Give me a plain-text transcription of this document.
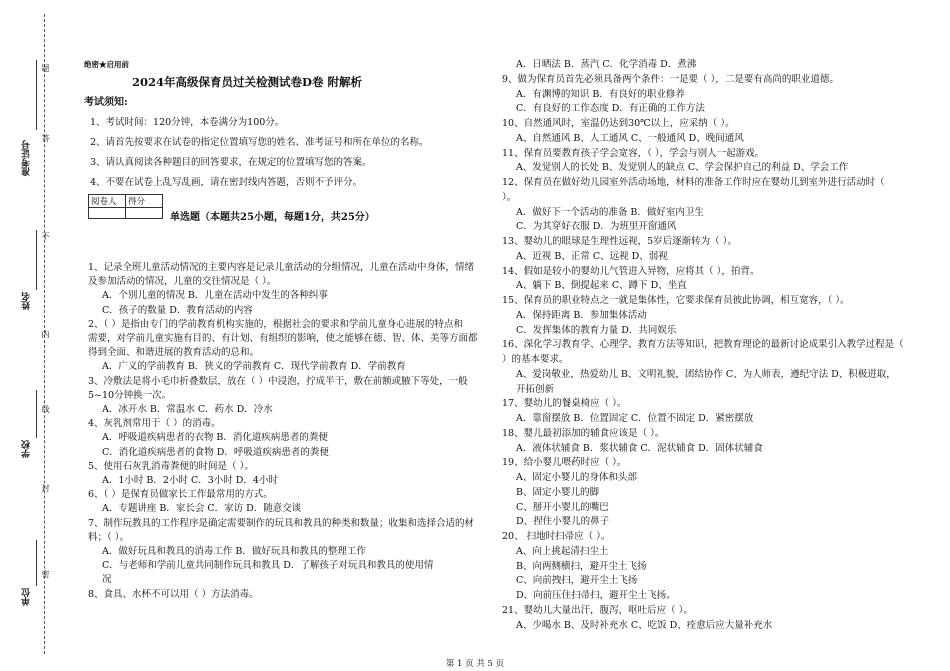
题
答
不
内
线
封
密
准考证号
姓名
学校
单位
绝密★启用前
2024年高级保育员过关检测试卷D卷 附解析
考试须知:
1、考试时间：120分钟，本卷满分为100分。
2、请首先按要求在试卷的指定位置填写您的姓名、准考证号和所在单位的名称。
3、请认真阅读各种题目的回答要求，在规定的位置填写您的答案。
4、不要在试卷上乱写乱画，请在密封线内答题，否则不予评分。
阅卷人	得分

单选题（本题共25小题，每题1分，共25分）
1、记录全班儿童活动情况的主要内容是记录儿童活动的分组情况，儿童在活动中身体，情绪
及参加活动的情况，儿童的交往情况是（ ）。
A．个别儿童的情况 B．儿童在活动中发生的各种纠事
C．孩子的数量 D．教育活动的内容
2、（ ）是指由专门的学前教育机构实施的，根据社会的要求和学前儿童身心进展的特点和
需要，对学前儿童实施有目的、有计划、有组织的影响，使之能够在德、智、体、美等方面都
得到全面、和谐进展的教育活动的总和。
A．广义的学前教育 B．狭义的学前教育 C．现代学前教育 D．学前教育
3、冷敷法是将小毛巾折叠数层，放在（ ）中浸泡，拧成半干，敷在前额或腋下等处，一般
5~10分钟换一次。
A．冰开水 B．常温水 C．药水 D．冷水
4、灰乳剂常用于（ ）的消毒。
A．呼吸道疾病患者的衣物 B．消化道疾病患者的粪便
C．消化道疾病患者的食物 D．呼吸道疾病患者的粪便
5、使用石灰乳消毒粪便的时间是（ ）。
A．1小时 B．2小时 C．3小时 D．4小时
6、（ ）是保育员做家长工作最常用的方式。
A．专题讲座 B．家长会 C．家访 D．随意交谈
7、制作玩教具的工作程序是确定需要制作的玩具和教具的种类和数量；收集和选择合适的材
料；（ ）。
A．做好玩具和教具的消毒工作 B．做好玩具和教具的整理工作
C．与老师和学前儿童共同制作玩具和教具 D．了解孩子对玩具和教具的使用情
况
8、食具、水杯不可以用（ ）方法消毒。
A．日晒法 B．蒸汽 C．化学消毒 D．煮沸
9、做为保育员首先必须具备两个条件：一是要（ ），二是要有高尚的职业道德。
A．有渊博的知识 B．有良好的职业修养
C．有良好的工作态度 D．有正确的工作方法
10、自然通风时，室温仍达到30℃以上，应采纳（ ）。
A、自然通风 B、人工通风 C、一般通风 D、晚间通风
11、保育员要教育孩子学会宽容，（ ），学会与别人一起游戏。
A、发觉别人的长处 B、发觉别人的缺点 C、学会保护自己的利益 D、学会工作
12、保育员在做好幼儿园室外活动场地，材料的准备工作时应在婴幼儿到室外进行活动时（
）。
A．做好下一个活动的准备 B．做好室内卫生
C．为其穿好衣服 D．为班里开窗通风
13、婴幼儿的眼球是生理性远视，5岁后逐渐转为（ ）。
A、近视 B、正常 C、远视 D、弱视
14、假如是较小的婴幼儿气管进入异物，应将其（ ），拍背。
A、躺下 B、倒提起来 C、蹲下 D、坐直
15、保育员的职业特点之一就是集体性，它要求保育员彼此协调，相互宽容，（ ）。
A．保持距离 B．参加集体活动
C．发挥集体的教育力量 D．共同娱乐
16、深化学习教育学、心理学、教育方法等知识，把教育理论的最新讨论成果引入教学过程是（
）的基本要求。
A、爱岗敬业，热爱幼儿 B、文明礼貌，团结协作 C、为人师表，遵纪守法 D、积极进取，
开拓创新
17、婴幼儿的餐桌椅应（ ）。
A．靠窗摆放 B．位置固定 C．位置不固定 D．紧密摆放
18、婴儿最初添加的辅食应该是（ ）。
A．液体状辅食 B．浆状辅食 C．泥状辅食 D．固体状辅食
19、给小婴儿喂药时应（ ）。
A、固定小婴儿的身体和头部
B、固定小婴儿的脚
C、掰开小婴儿的嘴巴
D、捏住小婴儿的鼻子
20、 扫地时扫帚应（ ）。
A、向上挑起清扫尘土
B、向两侧横扫，避开尘土飞扬
C、向前拽扫，避开尘土飞扬
D、向前压住扫帚扫，避开尘土飞扬。
21、婴幼儿大量出汗，腹泻，呕吐后应（ ）。
A、少喝水 B、及时补充水 C、吃饭 D、痊愈后应大量补充水
第 1 页 共 5 页
